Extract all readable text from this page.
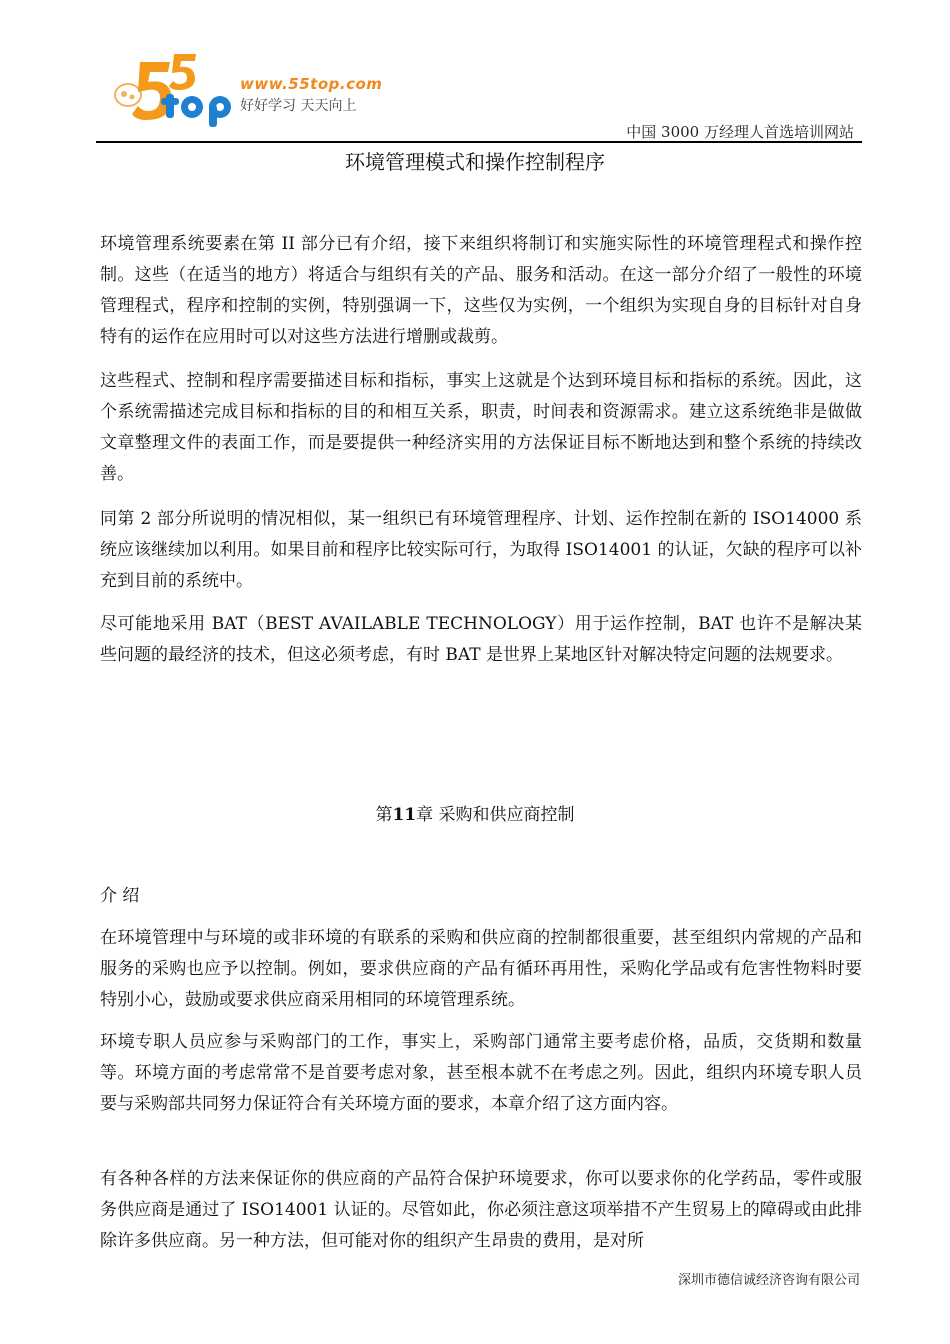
www.55top.com
好好学习 天天向上
中国 3000 万经理人首选培训网站
环境管理模式和操作控制程序

环境管理系统要素在第 II 部分已有介绍，接下来组织将制订和实施实际性的环境管理程式和操作控制。这些（在适当的地方）将适合与组织有关的产品、服务和活动。在这一部分介绍了一般性的环境管理程式，程序和控制的实例，特别强调一下，这些仅为实例，一个组织为实现自身的目标针对自身特有的运作在应用时可以对这些方法进行增删或裁剪。

这些程式、控制和程序需要描述目标和指标，事实上这就是个达到环境目标和指标的系统。因此，这个系统需描述完成目标和指标的目的和相互关系，职责，时间表和资源需求。建立这系统绝非是做做文章整理文件的表面工作，而是要提供一种经济实用的方法保证目标不断地达到和整个系统的持续改善。

同第 2 部分所说明的情况相似，某一组织已有环境管理程序、计划、运作控制在新的 ISO14000 系统应该继续加以利用。如果目前和程序比较实际可行，为取得 ISO14001 的认证，欠缺的程序可以补充到目前的系统中。

尽可能地采用 BAT（BEST AVAILABLE TECHNOLOGY）用于运作控制，BAT 也许不是解决某些问题的最经济的技术，但这必须考虑，有时 BAT 是世界上某地区针对解决特定问题的法规要求。

第11章 采购和供应商控制
介 绍

在环境管理中与环境的或非环境的有联系的采购和供应商的控制都很重要，甚至组织内常规的产品和服务的采购也应予以控制。例如，要求供应商的产品有循环再用性，采购化学品或有危害性物料时要特别小心，鼓励或要求供应商采用相同的环境管理系统。

环境专职人员应参与采购部门的工作，事实上，采购部门通常主要考虑价格，品质，交货期和数量等。环境方面的考虑常常不是首要考虑对象，甚至根本就不在考虑之列。因此，组织内环境专职人员要与采购部共同努力保证符合有关环境方面的要求，本章介绍了这方面内容。

有各种各样的方法来保证你的供应商的产品符合保护环境要求，你可以要求你的化学药品，零件或服务供应商是通过了 ISO14001 认证的。尽管如此，你必须注意这项举措不产生贸易上的障碍或由此排除许多供应商。另一种方法，但可能对你的组织产生昂贵的费用，是对所

深圳市德信诚经济咨询有限公司
